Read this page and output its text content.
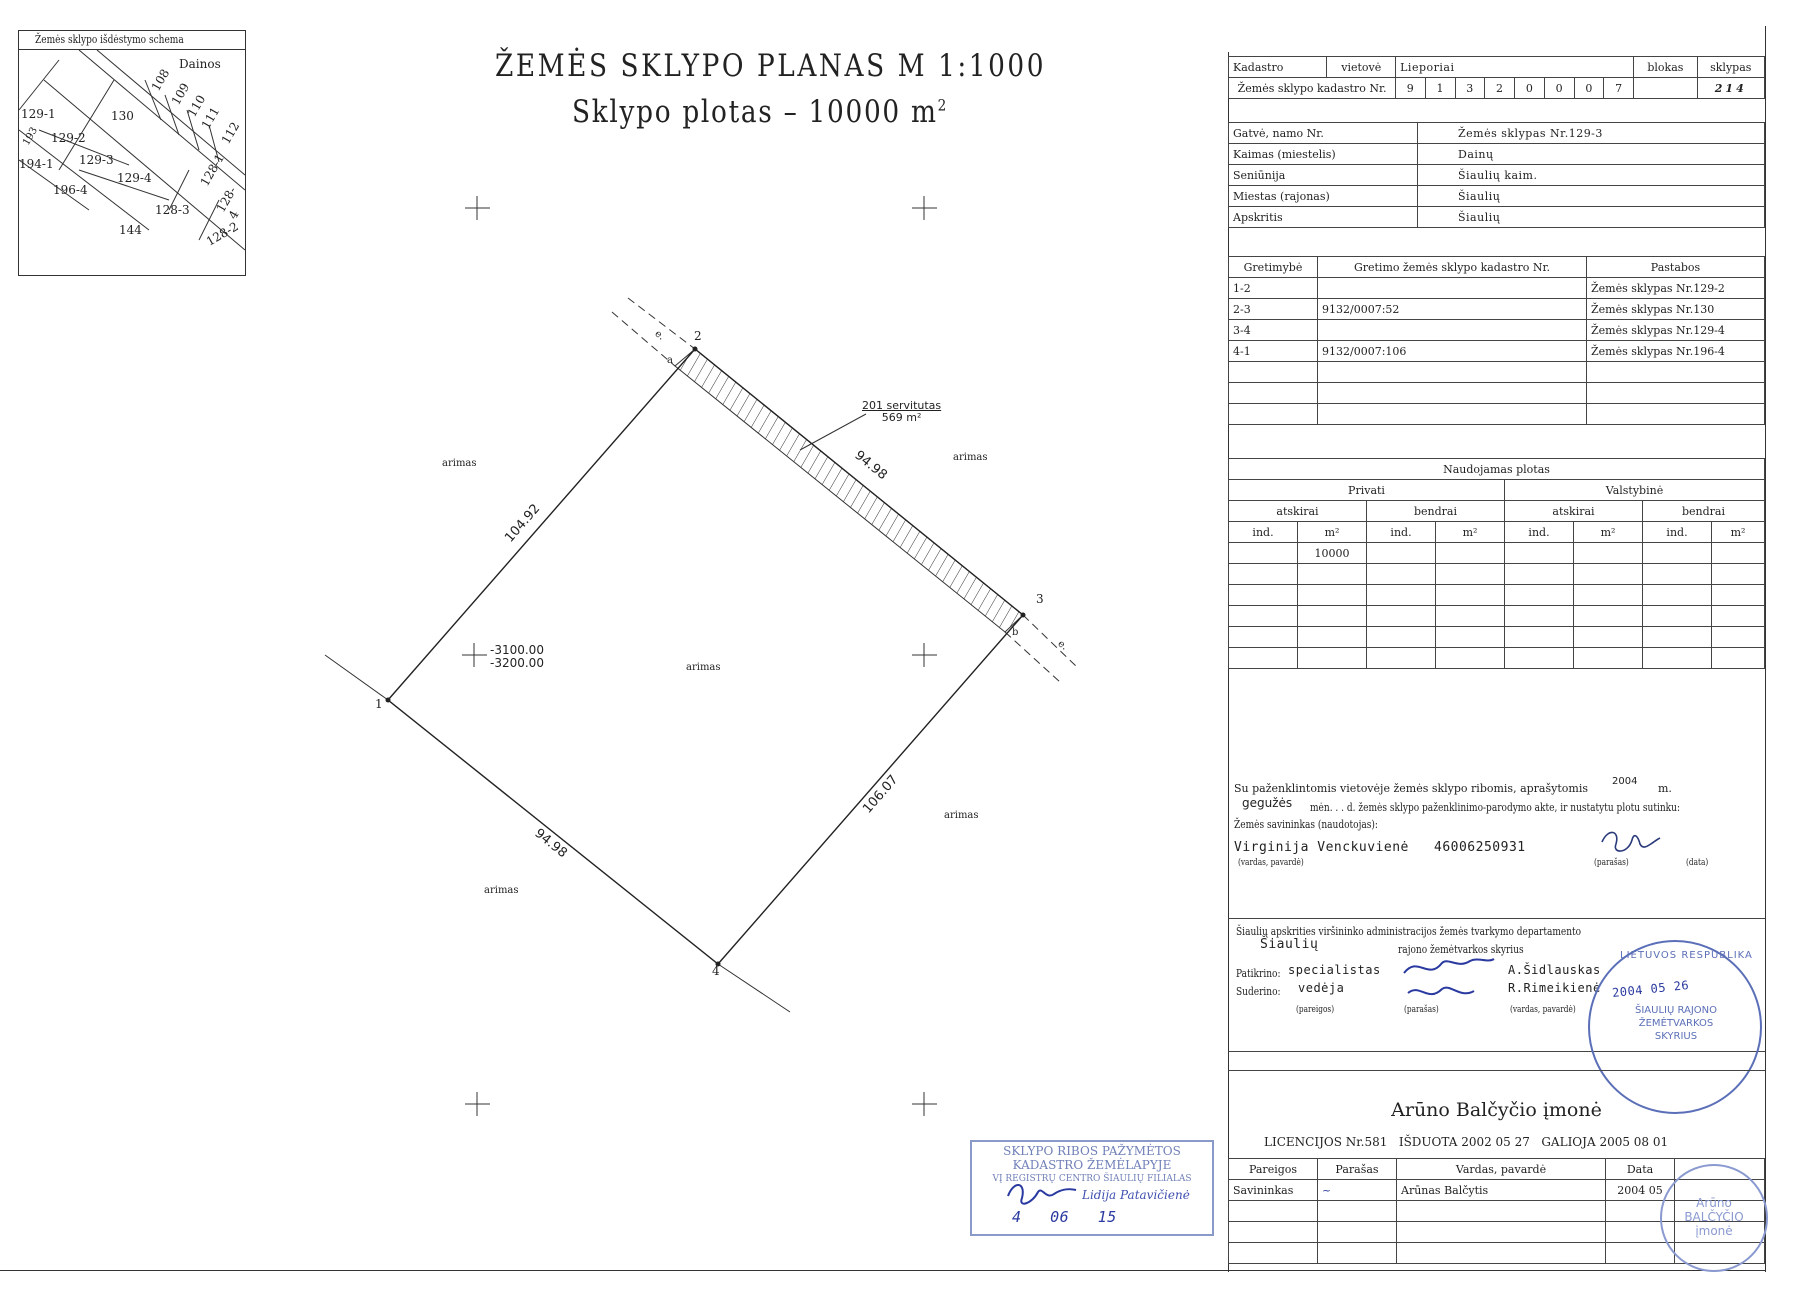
Žemės sklypo išdėstymo schema
Dainos
108
109
110
111
112
129-1	130
129-2
194-1 129-3
129-4	128-1
196-4	128-4
128-3
144	128-2
193
ŽEMĖS SKLYPO PLANAS M 1:1000
Sklypo plotas – 10000 $m^2$
1
2
3
4
a
b
e.
e.
104.92
94.98
106.07
94.98
201 servitutas
569 m²
-3100.00
-3200.00
arimas
arimas
arimas
arimas
arimas
Kadastro	vietovė	Lieporiai								blokas	sklypas
Žemės sklypo kadastro Nr.		9	1	3	2	0	0	0	7		214
Gatvė, namo Nr.	Žemės sklypas Nr.129-3
Kaimas (miestelis)	Dainų
Seniūnija	Šiaulių kaim.
Miestas (rajonas)	Šiaulių
Apskritis	Šiaulių
Gretimybė	Gretimo žemės sklypo kadastro Nr.	Pastabos
1-2		Žemės sklypas Nr.129-2
2-3	9132/0007:52	Žemės sklypas Nr.130
3-4		Žemės sklypas Nr.129-4
4-1	9132/0007:106	Žemės sklypas Nr.196-4

Naudojamas plotas							
Privati				Valstybinė			
atskirai		bendrai		atskirai		bendrai	
ind.	m²	ind.	m²	ind.	m²	ind.	m²
	10000						

Su paženklintomis vietovėje žemės sklypo ribomis, aprašytomis
2004
m.
gegužės mėn. . . d. žemės sklypo paženklinimo-parodymo akte, ir nustatytu plotu sutinku:
Žemės savininkas (naudotojas):
Virginija Venckuvienė 46006250931
(vardas, pavardė)	(parašas)	(data)
Šiaulių apskrities viršininko administracijos žemės tvarkymo departamento
Šiaulių	rajono žemėtvarkos skyrius
Patikrino: specialistas	A.Šidlauskas
Suderino: vedėja	R.Rimeikienė
(pareigos)	(parašas)	(vardas, pavardė)
LIETUVOS RESPUBLIKA
ŠIAULIŲ RAJONO ŽEMĖTVARKOS SKYRIUS
2004 05 26
Arūno Balčyčio įmonė
LICENCIJOS Nr.581   IŠDUOTA 2002 05 27   GALIOJA 2005 08 01
Pareigos	Parašas	Vardas, pavardė	Data	
Savininkas	~	Arūnas Balčytis	2004 05	

Arūno BALČYČIO įmonė
SKLYPO RIBOS PAŽYMĖTOS
KADASTRO ŽEMĖLAPYJE
VĮ REGISTRŲ CENTRO ŠIAULIŲ FILIALAS
Lidija Patavičienė
4   06   15
